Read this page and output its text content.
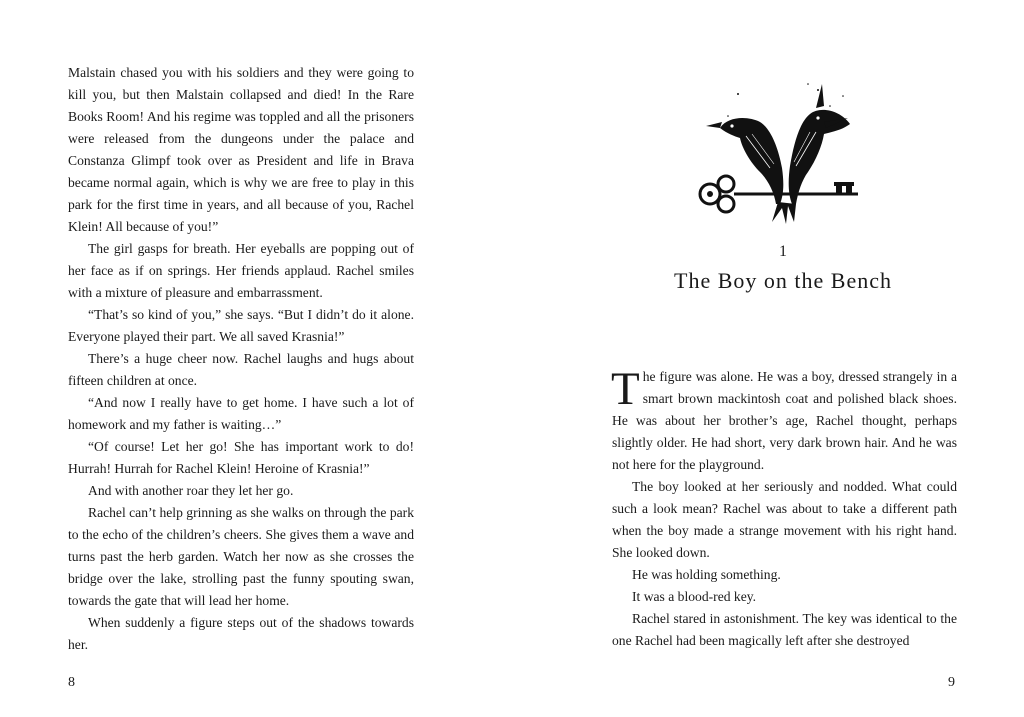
Malstain chased you with his soldiers and they were going to kill you, but then Malstain collapsed and died! In the Rare Books Room! And his regime was toppled and all the prisoners were released from the dungeons under the palace and Constanza Glimpf took over as President and life in Brava became normal again, which is why we are free to play in this park for the first time in years, and all because of you, Rachel Klein! All because of you!”

The girl gasps for breath. Her eyeballs are popping out of her face as if on springs. Her friends applaud. Rachel smiles with a mixture of pleasure and embarrassment.

“That’s so kind of you,” she says. “But I didn’t do it alone. Everyone played their part. We all saved Krasnia!”

There’s a huge cheer now. Rachel laughs and hugs about fifteen children at once.

“And now I really have to get home. I have such a lot of homework and my father is waiting…”

“Of course! Let her go! She has important work to do! Hurrah! Hurrah for Rachel Klein! Heroine of Krasnia!”

And with another roar they let her go.

Rachel can’t help grinning as she walks on through the park to the echo of the children’s cheers. She gives them a wave and turns past the herb garden. Watch her now as she crosses the bridge over the lake, strolling past the funny spouting swan, towards the gate that will lead her home.

When suddenly a figure steps out of the shadows towards her.

8
1
The Boy on the Bench

The figure was alone. He was a boy, dressed strangely in a smart brown mackintosh coat and polished black shoes. He was about her brother’s age, Rachel thought, perhaps slightly older. He had short, very dark brown hair. And he was not here for the playground.

The boy looked at her seriously and nodded. What could such a look mean? Rachel was about to take a different path when the boy made a strange movement with his right hand. She looked down.

He was holding something.

It was a blood-red key.

Rachel stared in astonishment. The key was identical to the one Rachel had been magically left after she destroyed

9
